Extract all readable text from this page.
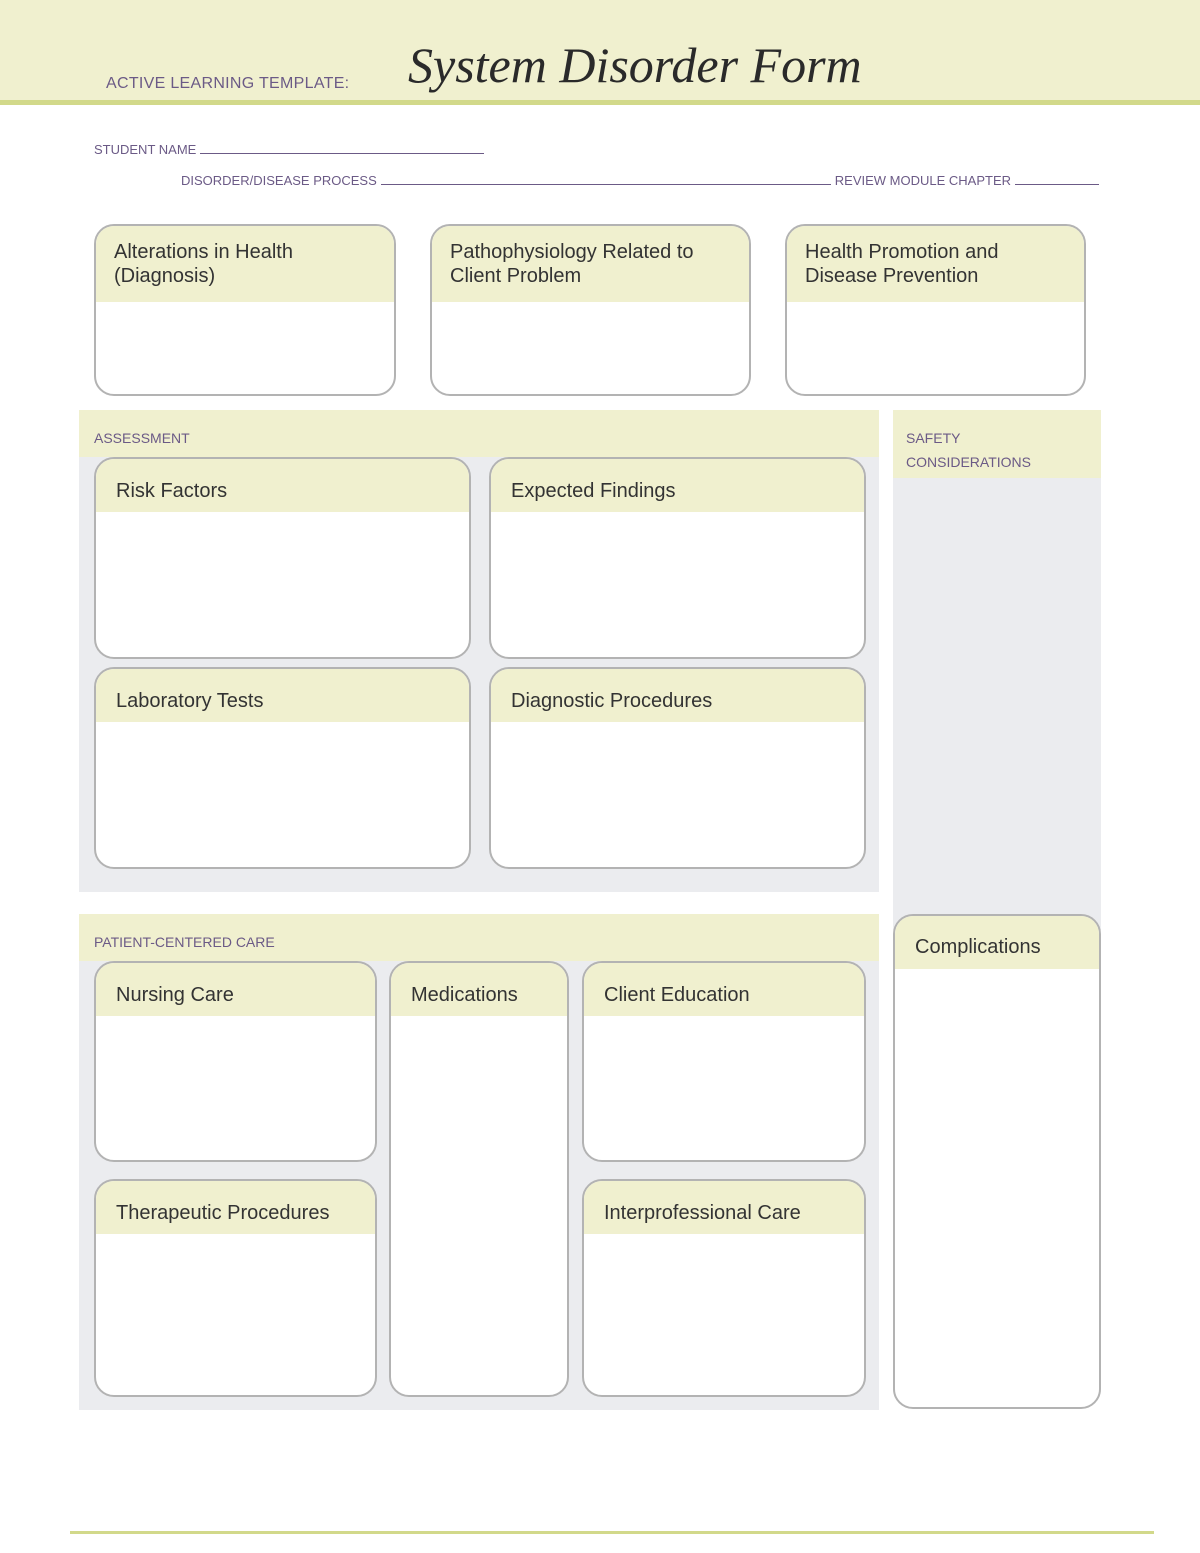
ACTIVE LEARNING TEMPLATE: System Disorder Form
STUDENT NAME
DISORDER/DISEASE PROCESS	REVIEW MODULE CHAPTER
Alterations in Health (Diagnosis)
Pathophysiology Related to Client Problem
Health Promotion and Disease Prevention
ASSESSMENT
Risk Factors	Expected Findings
Laboratory Tests	Diagnostic Procedures
SAFETY CONSIDERATIONS
Complications
PATIENT-CENTERED CARE
Nursing Care	Medications	Client Education
Therapeutic Procedures	Interprofessional Care
